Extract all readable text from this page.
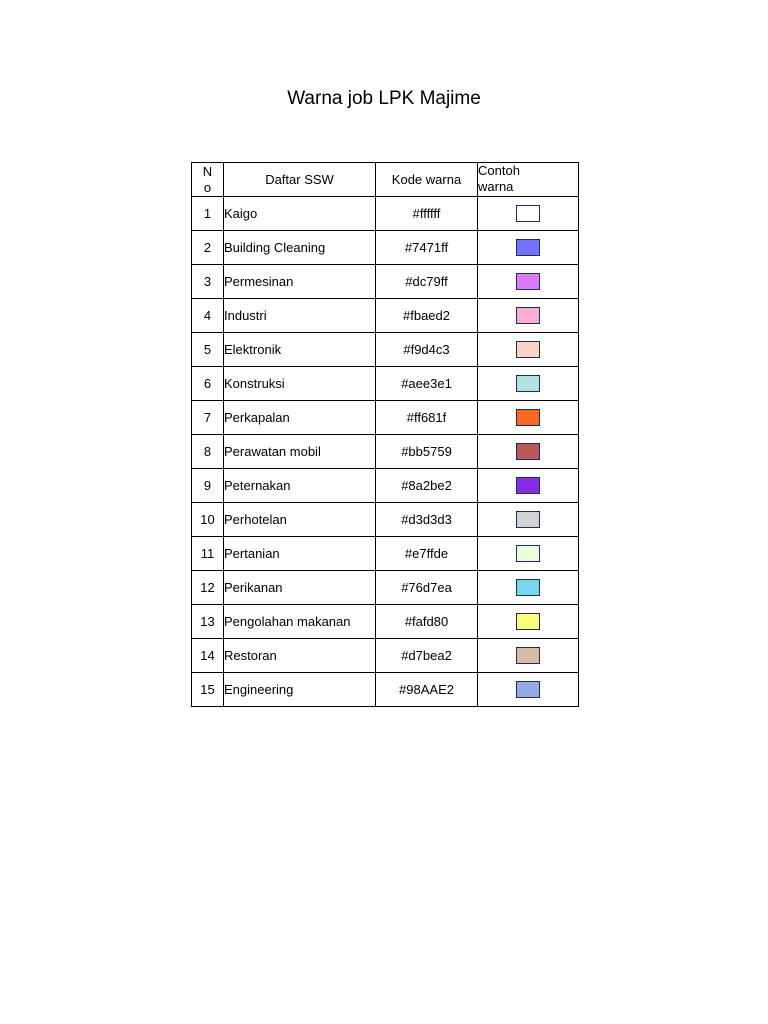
Warna job LPK Majime
N
o	Daftar SSW	Kode warna	Contoh
warna
1	Kaigo	#ffffff	
2	Building Cleaning	#7471ff	
3	Permesinan	#dc79ff	
4	Industri	#fbaed2	
5	Elektronik	#f9d4c3	
6	Konstruksi	#aee3e1	
7	Perkapalan	#ff681f	
8	Perawatan mobil	#bb5759	
9	Peternakan	#8a2be2	
10	Perhotelan	#d3d3d3	
11	Pertanian	#e7ffde	
12	Perikanan	#76d7ea	
13	Pengolahan makanan	#fafd80	
14	Restoran	#d7bea2	
15	Engineering	#98AAE2	
